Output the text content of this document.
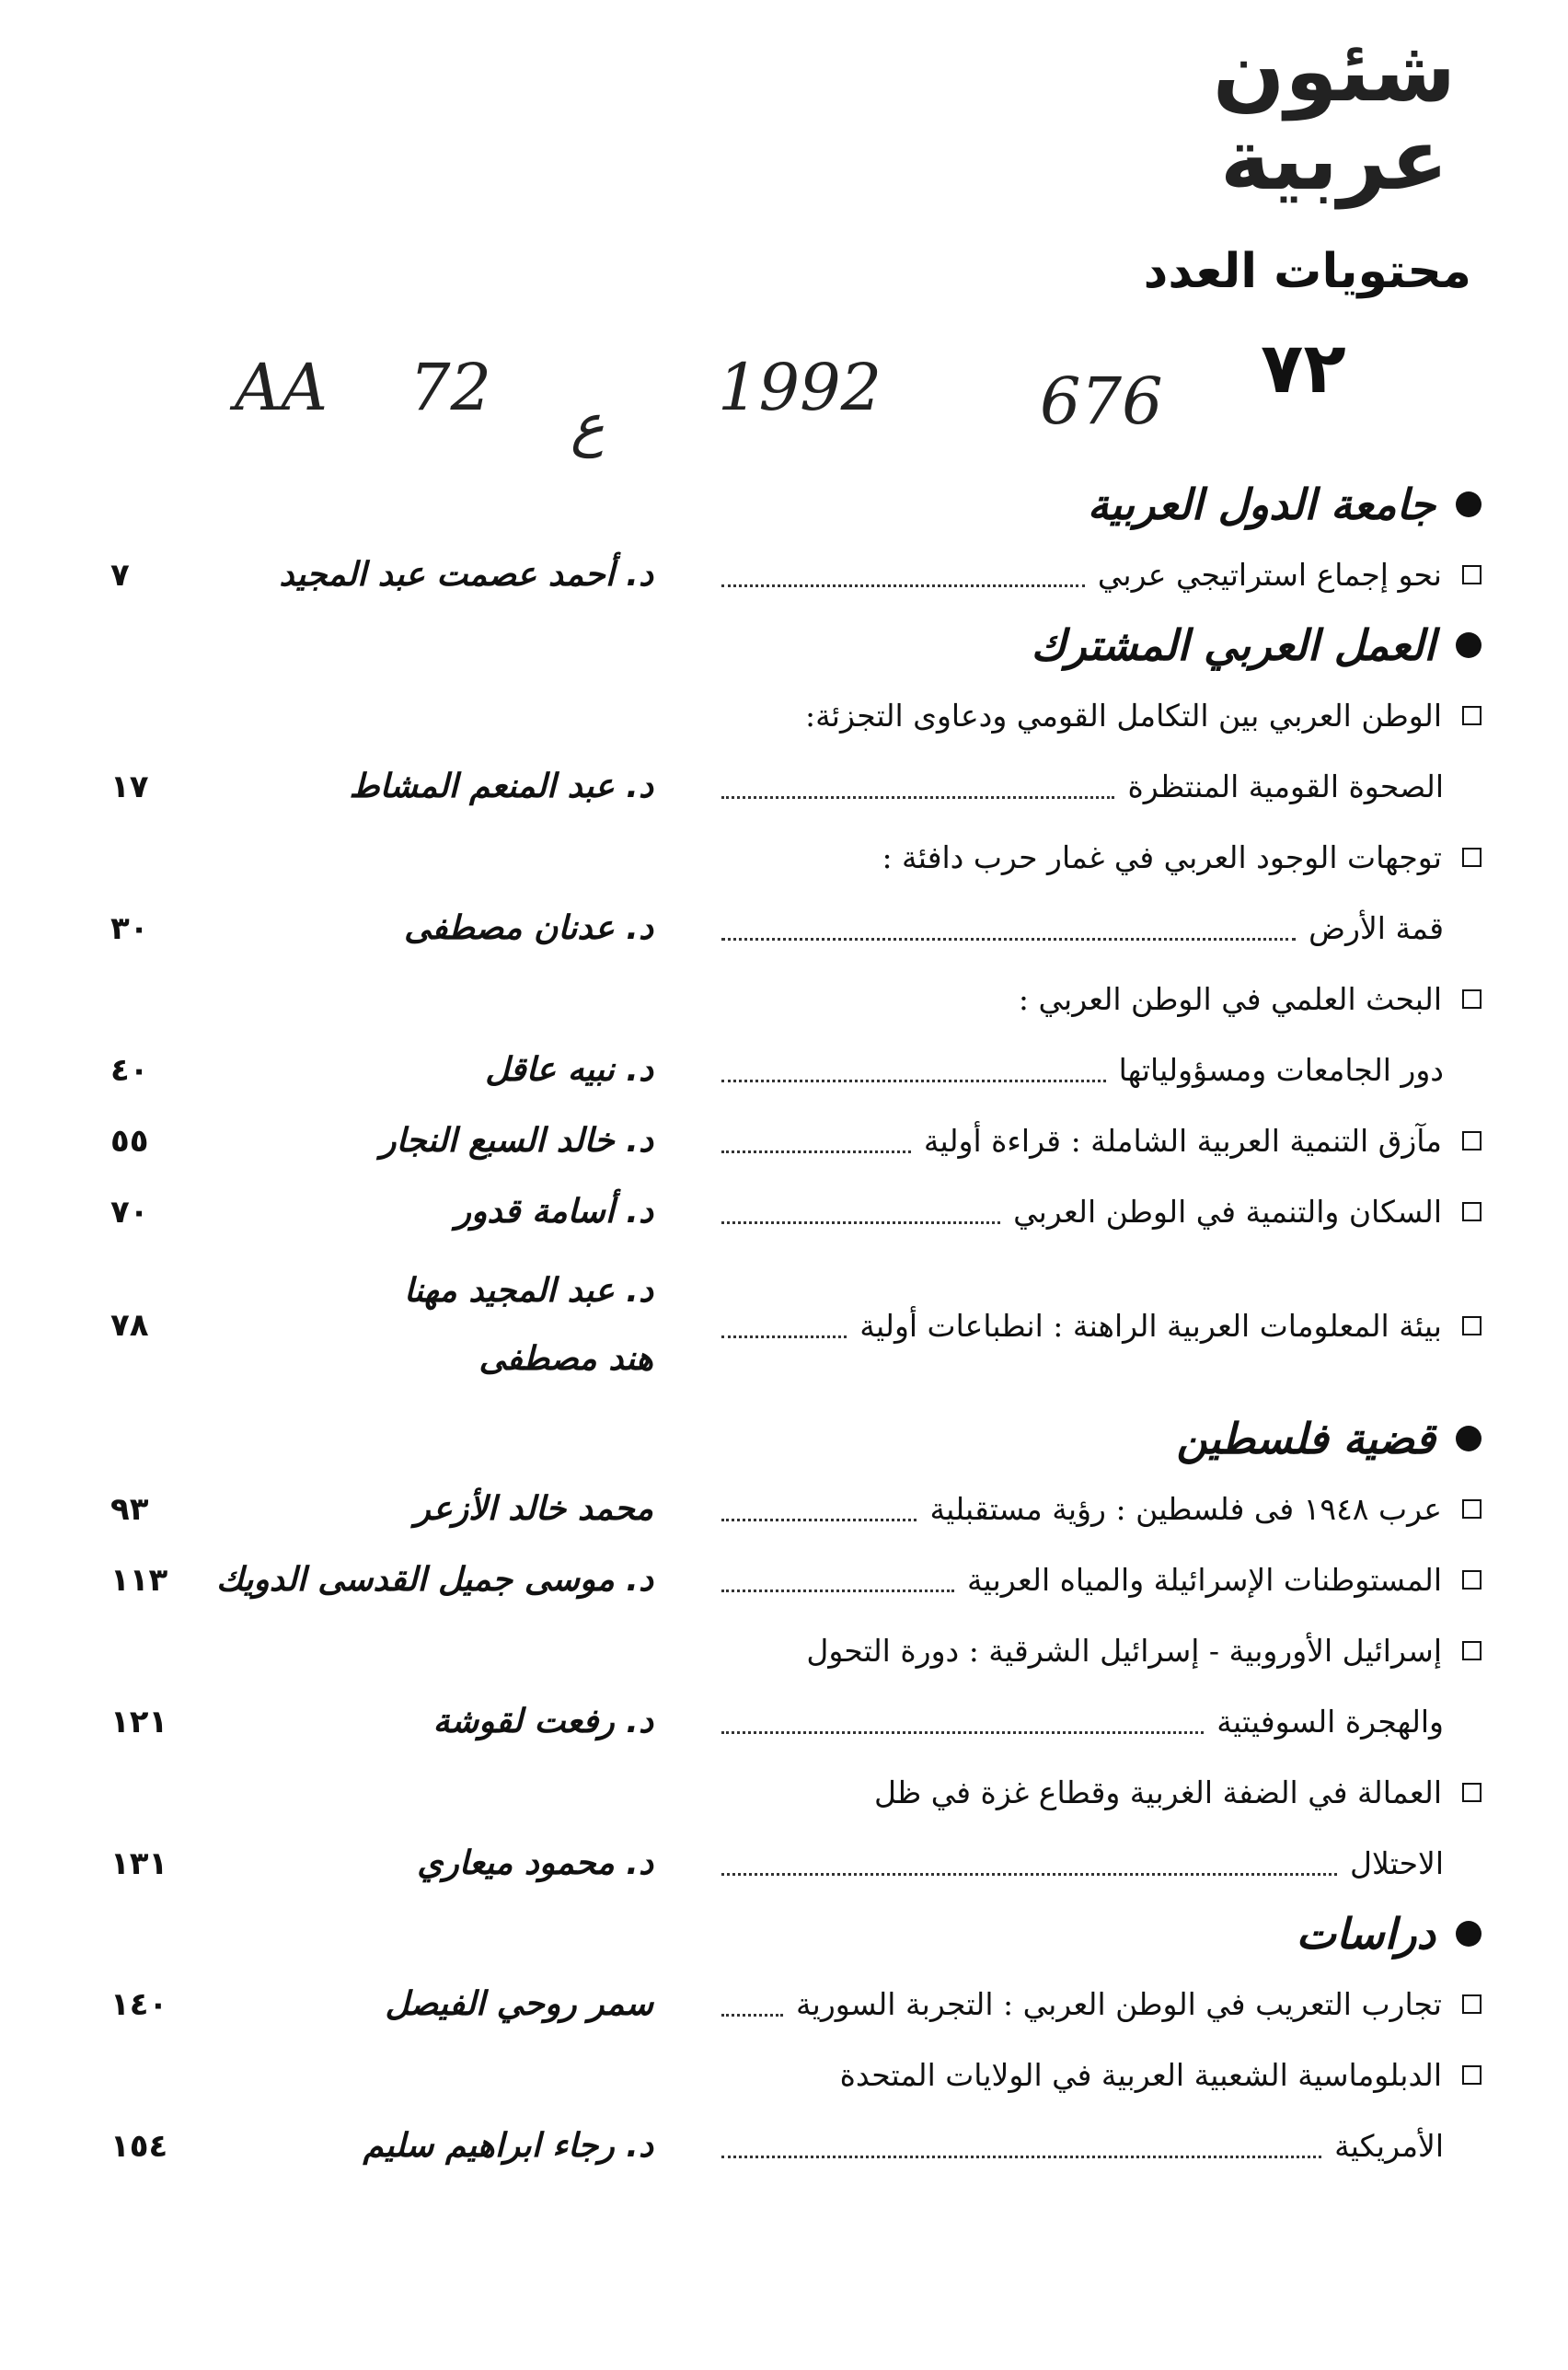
شئون
عربية
محتويات العدد
٧٢
AA 72 ع 1992 676
جامعة الدول العربية
نحو إجماع استراتيجي عربي
د. أحمد عصمت عبد المجيد
٧
العمل العربي المشترك
الوطن العربي بين التكامل القومي ودعاوى التجزئة:
الصحوة القومية المنتظرة
د. عبد المنعم المشاط
١٧
توجهات الوجود العربي في غمار حرب دافئة :
قمة الأرض
د. عدنان مصطفى
٣٠
البحث العلمي في الوطن العربي :
دور الجامعات ومسؤولياتها
د. نبيه عاقل
٤٠
مآزق التنمية العربية الشاملة : قراءة أولية
د. خالد السبع النجار
٥٥
السكان والتنمية في الوطن العربي
د. أسامة قدور
٧٠
بيئة المعلومات العربية الراهنة : انطباعات أولية
د. عبد المجيد مهنا
هند مصطفى
٧٨
قضية فلسطين
عرب ١٩٤٨ فى فلسطين : رؤية مستقبلية
محمد خالد الأزعر
٩٣
المستوطنات الإسرائيلة والمياه العربية
د. موسى جميل القدسى الدويك
١١٣
إسرائيل الأوروبية - إسرائيل الشرقية : دورة التحول
والهجرة السوفيتية
د. رفعت لقوشة
١٢١
العمالة في الضفة الغربية وقطاع غزة في ظل
الاحتلال
د. محمود ميعاري
١٣١
دراسات
تجارب التعريب في الوطن العربي : التجربة السورية
سمر روحي الفيصل
١٤٠
الدبلوماسية الشعبية العربية في الولايات المتحدة
الأمريكية
د. رجاء ابراهيم سليم
١٥٤
